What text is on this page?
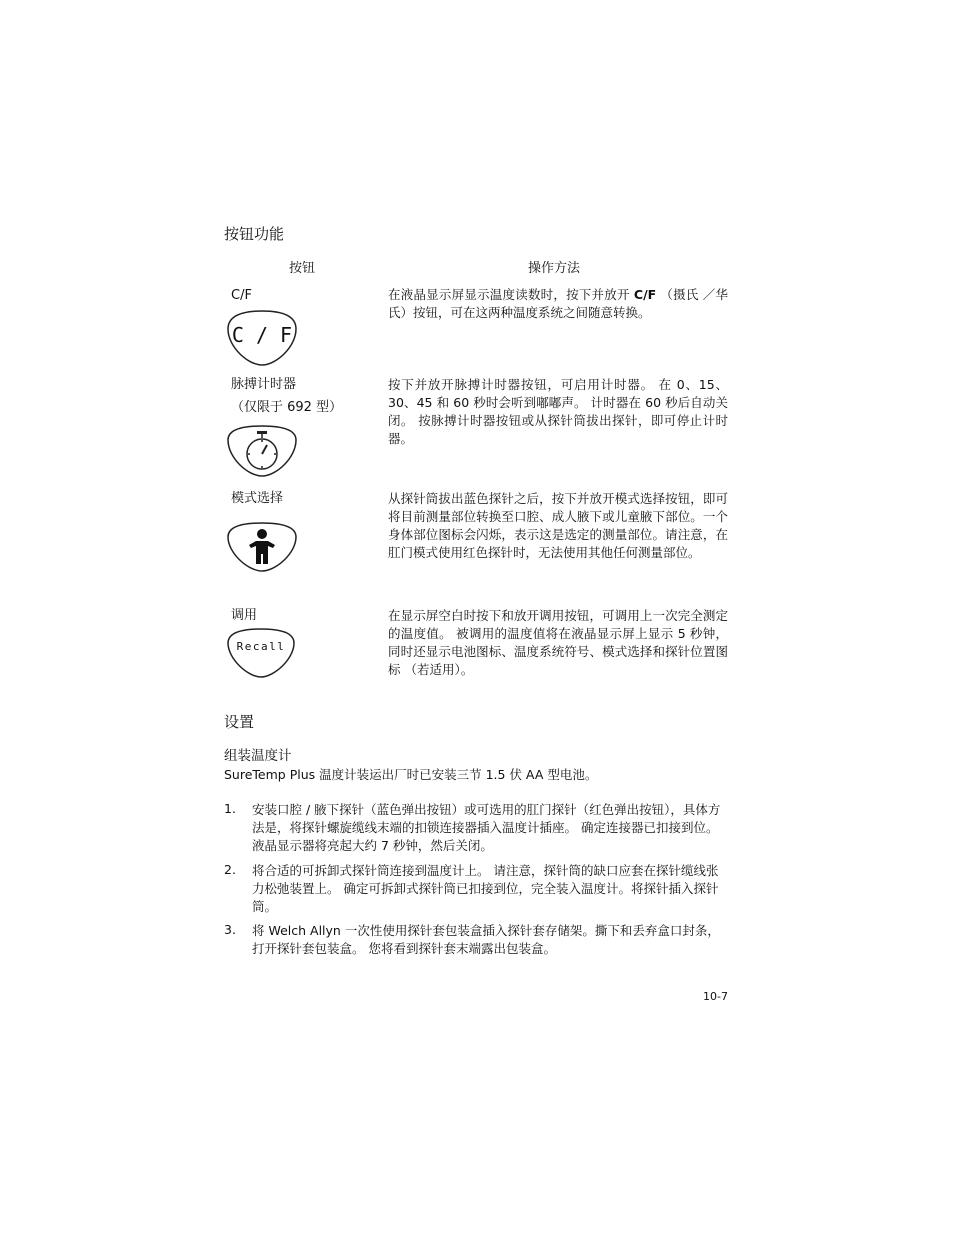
按钮功能
按钮	操作方法
C/F
C / F
在液晶显示屏显示温度读数时，按下并放开 C/F （摄氏 ／华氏）按钮，可在这两种温度系统之间随意转换。
脉搏计时器
（仅限于 692 型）
按下并放开脉搏计时器按钮，可启用计时器。 在 0、15、30、45 和 60 秒时会听到嘟嘟声。 计时器在 60 秒后自动关闭。 按脉搏计时器按钮或从探针筒拔出探针，即可停止计时器。
模式选择	从探针筒拔出蓝色探针之后，按下并放开模式选择按钮，即可将目前测量部位转换至口腔、成人腋下或儿童腋下部位。一个身体部位图标会闪烁，表示这是选定的测量部位。请注意，在肛门模式使用红色探针时，无法使用其他任何测量部位。
调用
Recall
在显示屏空白时按下和放开调用按钮，可调用上一次完全测定的温度值。 被调用的温度值将在液晶显示屏上显示 5 秒钟，同时还显示电池图标、温度系统符号、模式选择和探针位置图标 （若适用）。
设置
组装温度计
SureTemp Plus 温度计装运出厂时已安装三节 1.5 伏 AA 型电池。
1. 安装口腔 / 腋下探针（蓝色弹出按钮）或可选用的肛门探针（红色弹出按钮），具体方法是，将探针螺旋缆线末端的扣锁连接器插入温度计插座。 确定连接器已扣接到位。 液晶显示器将亮起大约 7 秒钟，然后关闭。
2. 将合适的可拆卸式探针筒连接到温度计上。 请注意，探针筒的缺口应套在探针缆线张力松弛装置上。 确定可拆卸式探针筒已扣接到位，完全装入温度计。将探针插入探针筒。
3. 将 Welch Allyn 一次性使用探针套包装盒插入探针套存储架。撕下和丢弃盒口封条，打开探针套包装盒。 您将看到探针套末端露出包装盒。
10-7
